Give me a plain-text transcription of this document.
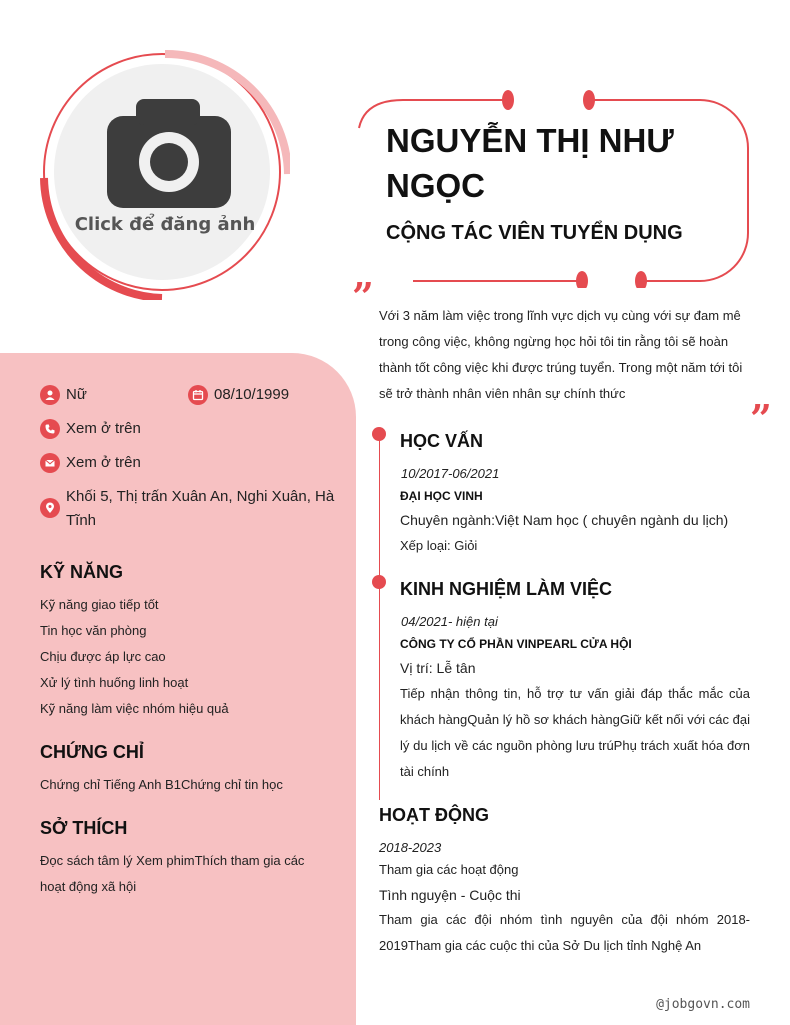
Click để đăng ảnh
NGUYỄN THỊ NHƯ NGỌC
CỘNG TÁC VIÊN TUYỂN DỤNG
” Với 3 năm làm việc trong lĩnh vực dịch vụ cùng với sự đam mê trong công việc, không ngừng học hỏi tôi tin rằng tôi sẽ hoàn thành tốt công việc khi được trúng tuyển. Trong một năm tới tôi sẽ trở thành nhân viên nhân sự chính thức
”
Nữ	08/10/1999
Xem ở trên
Xem ở trên
Khối 5, Thị trấn Xuân An, Nghi Xuân, Hà Tĩnh
KỸ NĂNG
Kỹ năng giao tiếp tốt
Tin học văn phòng
Chịu được áp lực cao
Xử lý tình huống linh hoạt
Kỹ năng làm việc nhóm hiệu quả
CHỨNG CHỈ
Chứng chỉ Tiếng Anh B1Chứng chỉ tin học
SỞ THÍCH
Đọc sách tâm lý Xem phimThích tham gia các hoạt động xã hội
HỌC VẤN
10/2017-06/2021
ĐẠI HỌC VINH
Chuyên ngành:Việt Nam học ( chuyên ngành du lịch)
Xếp loại: Giỏi
KINH NGHIỆM LÀM VIỆC
04/2021- hiện tại
CÔNG TY CỔ PHẦN VINPEARL CỬA HỘI
Vị trí: Lễ tân
Tiếp nhận thông tin, hỗ trợ tư vấn giải đáp thắc mắc của khách hàngQuản lý hồ sơ khách hàngGiữ kết nối với các đại lý du lịch về các nguồn phòng lưu trúPhụ trách xuất hóa đơn tài chính
HOẠT ĐỘNG
2018-2023
Tham gia các hoạt động
Tình nguyện - Cuộc thi
Tham gia các đội nhóm tình nguyên của đội nhóm 2018-2019Tham gia các cuộc thi của Sở Du lịch tỉnh Nghệ An
@jobgovn.com
